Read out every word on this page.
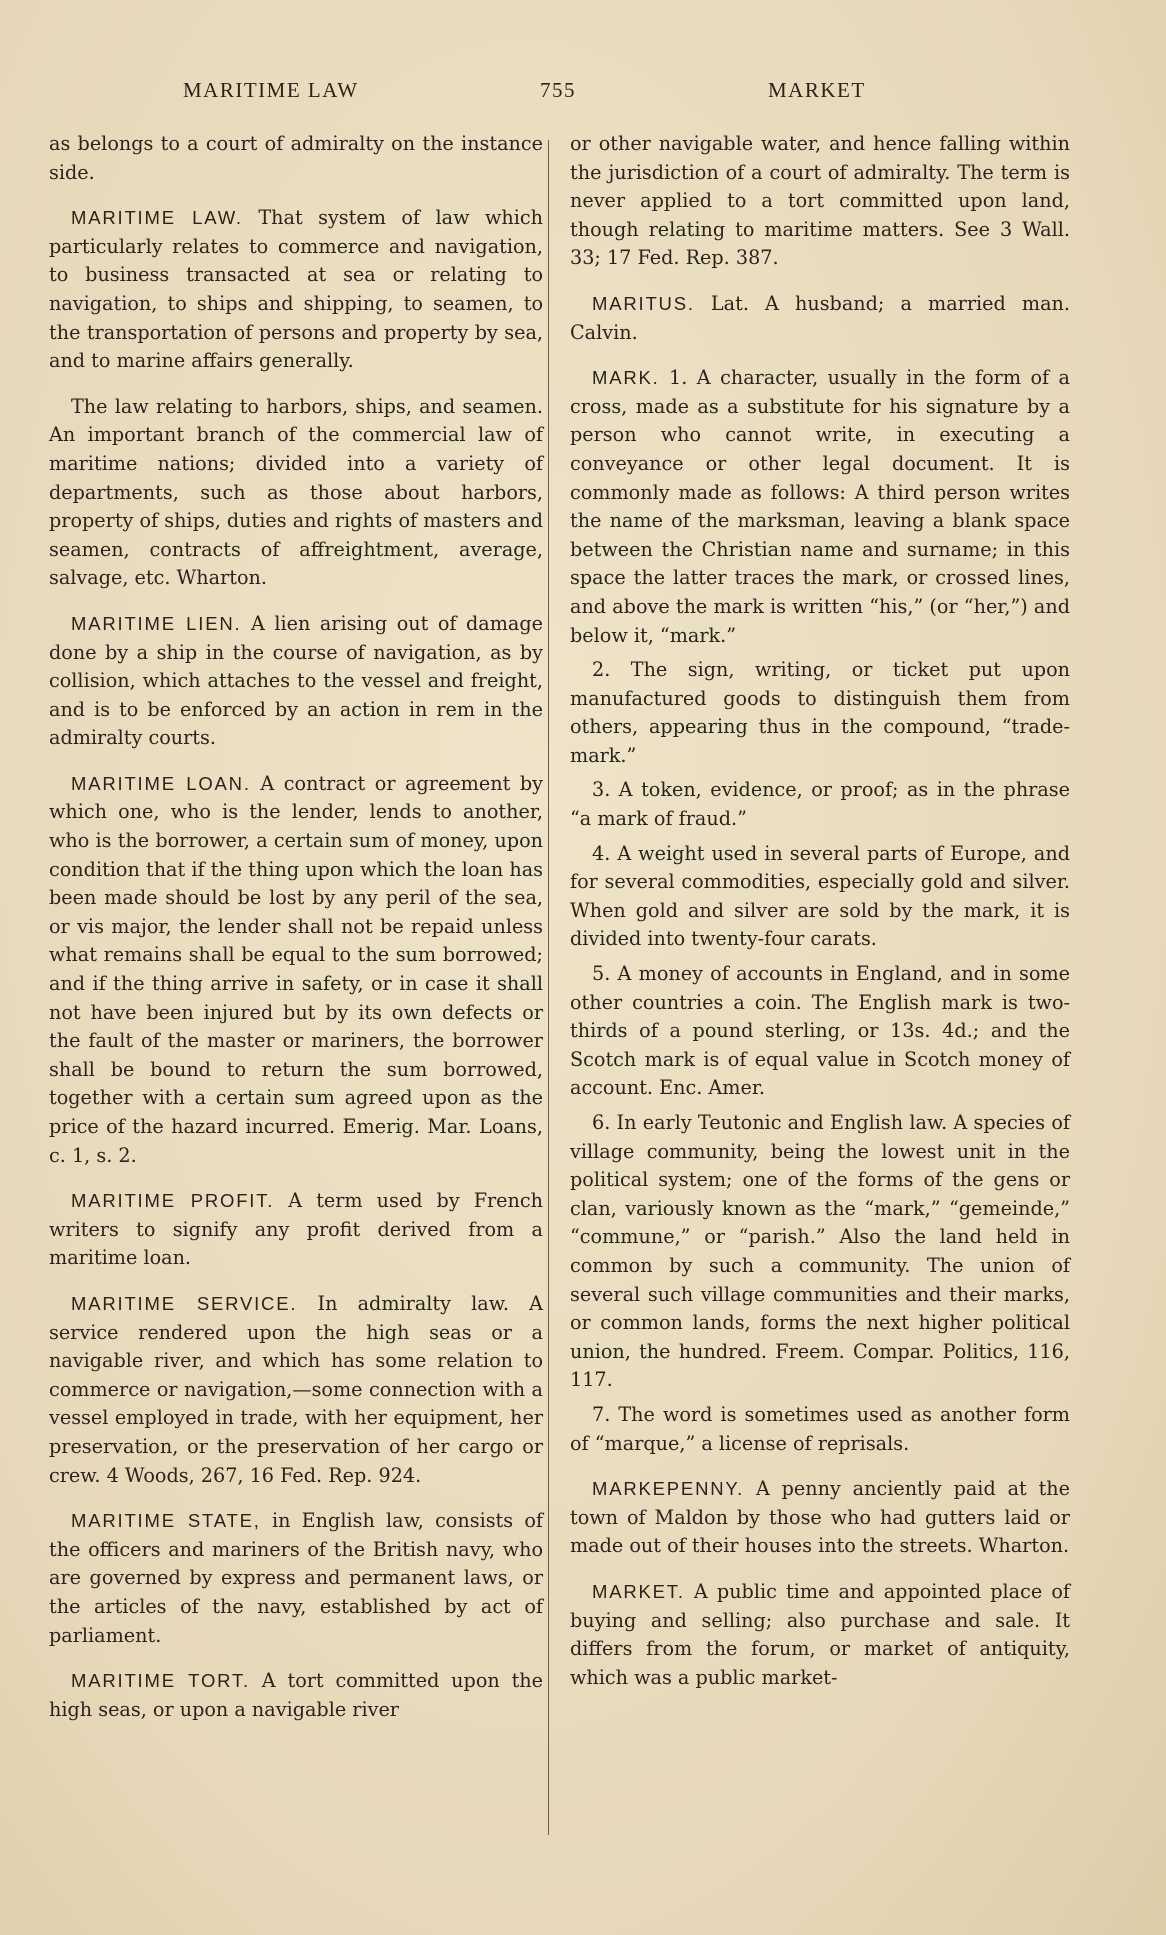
MARITIME LAW	755	MARKET

as belongs to a court of admiralty on the instance side.

MARITIME LAW. That system of law which particularly relates to commerce and navigation, to business transacted at sea or relating to navigation, to ships and shipping, to seamen, to the transportation of persons and property by sea, and to marine affairs generally.

The law relating to harbors, ships, and seamen. An important branch of the commercial law of maritime nations; divided into a variety of departments, such as those about harbors, property of ships, duties and rights of masters and seamen, contracts of affreightment, average, salvage, etc. Wharton.

MARITIME LIEN. A lien arising out of damage done by a ship in the course of navigation, as by collision, which attaches to the vessel and freight, and is to be enforced by an action in rem in the admiralty courts.

MARITIME LOAN. A contract or agreement by which one, who is the lender, lends to another, who is the borrower, a certain sum of money, upon condition that if the thing upon which the loan has been made should be lost by any peril of the sea, or vis major, the lender shall not be repaid unless what remains shall be equal to the sum borrowed; and if the thing arrive in safety, or in case it shall not have been injured but by its own defects or the fault of the master or mariners, the borrower shall be bound to return the sum borrowed, together with a certain sum agreed upon as the price of the hazard incurred. Emerig. Mar. Loans, c. 1, s. 2.

MARITIME PROFIT. A term used by French writers to signify any profit derived from a maritime loan.

MARITIME SERVICE. In admiralty law. A service rendered upon the high seas or a navigable river, and which has some relation to commerce or navigation,—some connection with a vessel employed in trade, with her equipment, her preservation, or the preservation of her cargo or crew. 4 Woods, 267, 16 Fed. Rep. 924.

MARITIME STATE, in English law, consists of the officers and mariners of the British navy, who are governed by express and permanent laws, or the articles of the navy, established by act of parliament.

MARITIME TORT. A tort committed upon the high seas, or upon a navigable river

or other navigable water, and hence falling within the jurisdiction of a court of admiralty. The term is never applied to a tort committed upon land, though relating to maritime matters. See 3 Wall. 33; 17 Fed. Rep. 387.

MARITUS. Lat. A husband; a married man. Calvin.

MARK. 1. A character, usually in the form of a cross, made as a substitute for his signature by a person who cannot write, in executing a conveyance or other legal document. It is commonly made as follows: A third person writes the name of the marksman, leaving a blank space between the Christian name and surname; in this space the latter traces the mark, or crossed lines, and above the mark is written “his,” (or “her,”) and below it, “mark.”

2. The sign, writing, or ticket put upon manufactured goods to distinguish them from others, appearing thus in the compound, “trade-mark.”

3. A token, evidence, or proof; as in the phrase “a mark of fraud.”

4. A weight used in several parts of Europe, and for several commodities, especially gold and silver. When gold and silver are sold by the mark, it is divided into twenty-four carats.

5. A money of accounts in England, and in some other countries a coin. The English mark is two-thirds of a pound sterling, or 13s. 4d.; and the Scotch mark is of equal value in Scotch money of account. Enc. Amer.

6. In early Teutonic and English law. A species of village community, being the lowest unit in the political system; one of the forms of the gens or clan, variously known as the “mark,” “gemeinde,” “commune,” or “parish.” Also the land held in common by such a community. The union of several such village communities and their marks, or common lands, forms the next higher political union, the hundred. Freem. Compar. Politics, 116, 117.

7. The word is sometimes used as another form of “marque,” a license of reprisals.

MARKEPENNY. A penny anciently paid at the town of Maldon by those who had gutters laid or made out of their houses into the streets. Wharton.

MARKET. A public time and appointed place of buying and selling; also purchase and sale. It differs from the forum, or market of antiquity, which was a public market-
